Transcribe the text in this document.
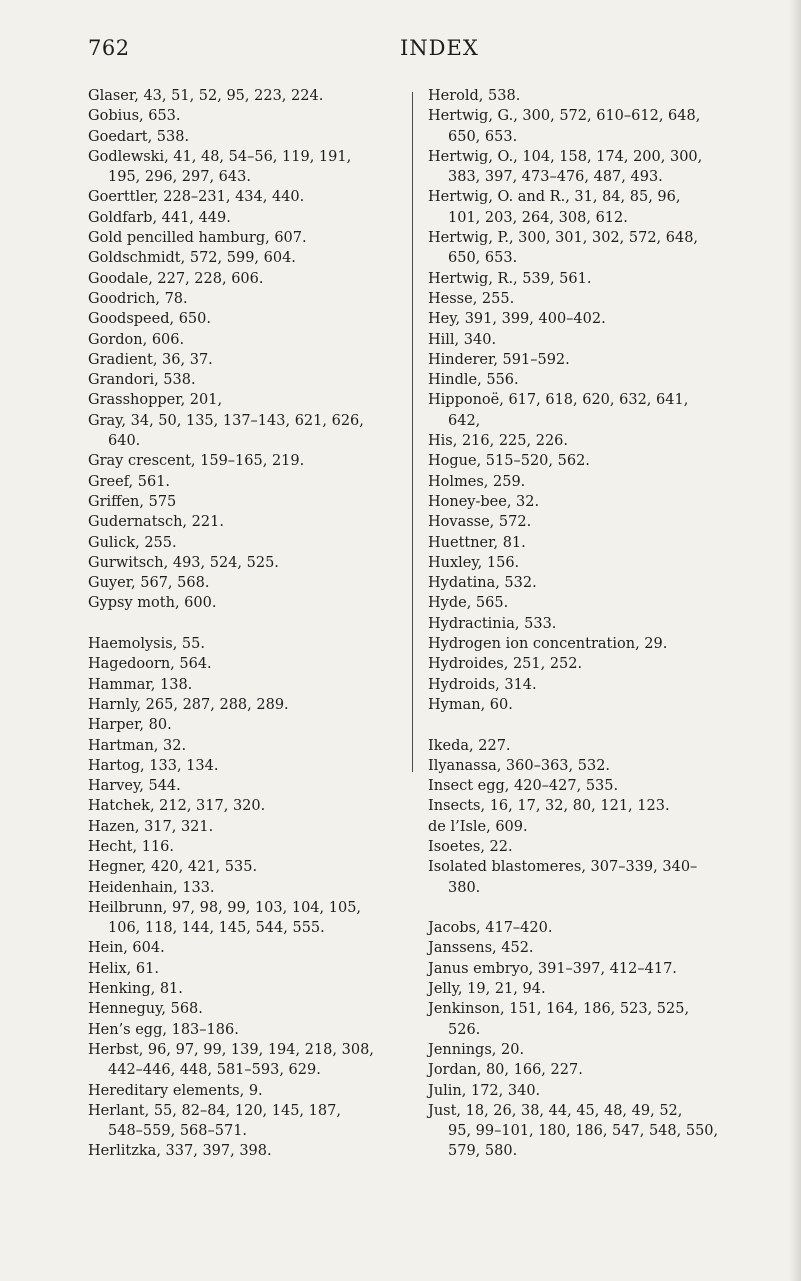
762	INDEX
Glaser, 43, 51, 52, 95, 223, 224.
Gobius, 653.
Goedart, 538.
Godlewski, 41, 48, 54–56, 119, 191,
195, 296, 297, 643.
Goerttler, 228–231, 434, 440.
Goldfarb, 441, 449.
Gold pencilled hamburg, 607.
Goldschmidt, 572, 599, 604.
Goodale, 227, 228, 606.
Goodrich, 78.
Goodspeed, 650.
Gordon, 606.
Gradient, 36, 37.
Grandori, 538.
Grasshopper, 201,
Gray, 34, 50, 135, 137–143, 621, 626,
640.
Gray crescent, 159–165, 219.
Greef, 561.
Griffen, 575
Gudernatsch, 221.
Gulick, 255.
Gurwitsch, 493, 524, 525.
Guyer, 567, 568.
Gypsy moth, 600.
Haemolysis, 55.
Hagedoorn, 564.
Hammar, 138.
Harnly, 265, 287, 288, 289.
Harper, 80.
Hartman, 32.
Hartog, 133, 134.
Harvey, 544.
Hatchek, 212, 317, 320.
Hazen, 317, 321.
Hecht, 116.
Hegner, 420, 421, 535.
Heidenhain, 133.
Heilbrunn, 97, 98, 99, 103, 104, 105,
106, 118, 144, 145, 544, 555.
Hein, 604.
Helix, 61.
Henking, 81.
Henneguy, 568.
Hen’s egg, 183–186.
Herbst, 96, 97, 99, 139, 194, 218, 308,
442–446, 448, 581–593, 629.
Hereditary elements, 9.
Herlant, 55, 82–84, 120, 145, 187,
548–559, 568–571.
Herlitzka, 337, 397, 398.
Herold, 538.
Hertwig, G., 300, 572, 610–612, 648,
650, 653.
Hertwig, O., 104, 158, 174, 200, 300,
383, 397, 473–476, 487, 493.
Hertwig, O. and R., 31, 84, 85, 96,
101, 203, 264, 308, 612.
Hertwig, P., 300, 301, 302, 572, 648,
650, 653.
Hertwig, R., 539, 561.
Hesse, 255.
Hey, 391, 399, 400–402.
Hill, 340.
Hinderer, 591–592.
Hindle, 556.
Hipponoë, 617, 618, 620, 632, 641,
642,
His, 216, 225, 226.
Hogue, 515–520, 562.
Holmes, 259.
Honey-bee, 32.
Hovasse, 572.
Huettner, 81.
Huxley, 156.
Hydatina, 532.
Hyde, 565.
Hydractinia, 533.
Hydrogen ion concentration, 29.
Hydroides, 251, 252.
Hydroids, 314.
Hyman, 60.
Ikeda, 227.
Ilyanassa, 360–363, 532.
Insect egg, 420–427, 535.
Insects, 16, 17, 32, 80, 121, 123.
de l’Isle, 609.
Isoetes, 22.
Isolated blastomeres, 307–339, 340–
380.
Jacobs, 417–420.
Janssens, 452.
Janus embryo, 391–397, 412–417.
Jelly, 19, 21, 94.
Jenkinson, 151, 164, 186, 523, 525,
526.
Jennings, 20.
Jordan, 80, 166, 227.
Julin, 172, 340.
Just, 18, 26, 38, 44, 45, 48, 49, 52,
95, 99–101, 180, 186, 547, 548, 550,
579, 580.
